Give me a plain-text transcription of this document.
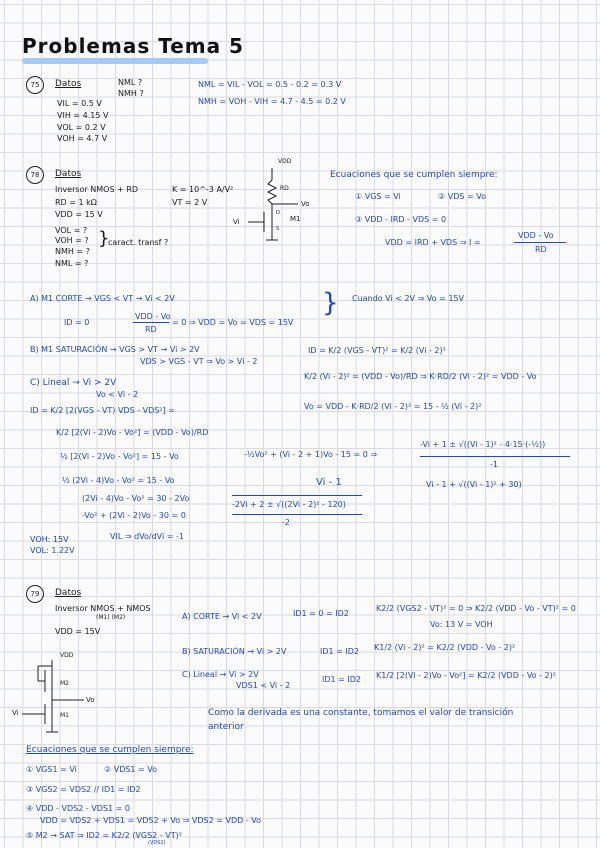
Problemas Tema 5
75	Datos	NML ?
NMH ?
VIL = 0.5 V
VIH = 4.15 V
VOL = 0.2 V
VOH = 4.7 V
NML = VIL - VOL = 0.5 - 0.2 = 0.3 V
NMH = VOH - VIH = 4.7 - 4.5 = 0.2 V
78	Datos
Inversor NMOS + RD	K = 10^-3 A/V²
RD = 1 kΩ	VT = 2 V
VDD = 15 V
VOL = ?
VOH = ?
NMH = ?
NML = ?
}
caract. transf ?
VDD
RD
Vo
Vi	M1
D
S
Ecuaciones que se cumplen siempre:
① VGS = Vi	② VDS = Vo
③ VDD - IRD - VDS = 0
VDD = IRD + VDS ⇒ I =
VDD - Vo
RD
A) M1 CORTE → VGS < VT → Vi < 2V
ID = 0
VDD - Vo
RD
= 0 ⇒ VDD = Vo = VDS = 15V
} Cuando Vi < 2V ⇒ Vo = 15V
B) M1 SATURACIÓN → VGS > VT → Vi > 2V
VDS > VGS - VT ⇒ Vo > Vi - 2
ID = K/2 (VGS - VT)² = K/2 (Vi - 2)²
K/2 (Vi - 2)² = (VDD - Vo)/RD ⇒ K·RD/2 (Vi - 2)² = VDD - Vo
Vo = VDD - K·RD/2 (Vi - 2)² = 15 - ½ (Vi - 2)²
C) Lineal → Vi > 2V
Vo < Vi - 2
ID = K/2 [2(VGS - VT) VDS - VDS²] =
K/2 [2(Vi - 2)Vo - Vo²] = (VDD - Vo)/RD
½ [2(Vi - 2)Vo - Vo²] = 15 - Vo
½ (2Vi - 4)Vo - Vo² = 15 - Vo
(2Vi - 4)Vo - Vo² = 30 - 2Vo
-Vo² + (2Vi - 2)Vo - 30 = 0
-½Vo² + (Vi - 2 + 1)Vo - 15 = 0 ⇒
Vi - 1
-2Vi + 2 ± √((2Vi - 2)² - 120)
-2
-Vi + 1 ± √((Vi - 1)² - 4·15·(-½))
-1
Vi - 1 + √((Vi - 1)² + 30)
VOH: 15V
VOL: 1.22V
VIL ⇒ dVo/dVi = -1
79	Datos
Inversor NMOS + NMOS
(M1) (M2)
VDD = 15V
A) CORTE → Vi < 2V	ID1 = 0 = ID2
K2/2 (VGS2 - VT)² = 0 ⇒ K2/2 (VDD - Vo - VT)² = 0
Vo: 13 V = VOH
B) SATURACIÓN → Vi > 2V	ID1 = ID2 K1/2 (Vi - 2)² = K2/2 (VDD - Vo - 2)²
C) Lineal → Vi > 2V
VDS1 < Vi - 2
ID1 = ID2 K1/2 [2(Vi - 2)Vo - Vo²] = K2/2 (VDD - Vo - 2)²
Como la derivada es una constante, tomamos el valor de transición
anterior
VDD
M2
Vo
M1
Vi
Ecuaciones que se cumplen siempre:
① VGS1 = Vi	② VDS1 = Vo
③ VGS2 = VDS2 // ID1 = ID2
④ VDD - VDS2 - VDS1 = 0
VDD = VDS2 + VDS1 = VDS2 + Vo ⇒ VDS2 = VDD - Vo
⑤ M2 → SAT ⇒ ID2 = K2/2 (VGS2 - VT)²
(VDS2)
